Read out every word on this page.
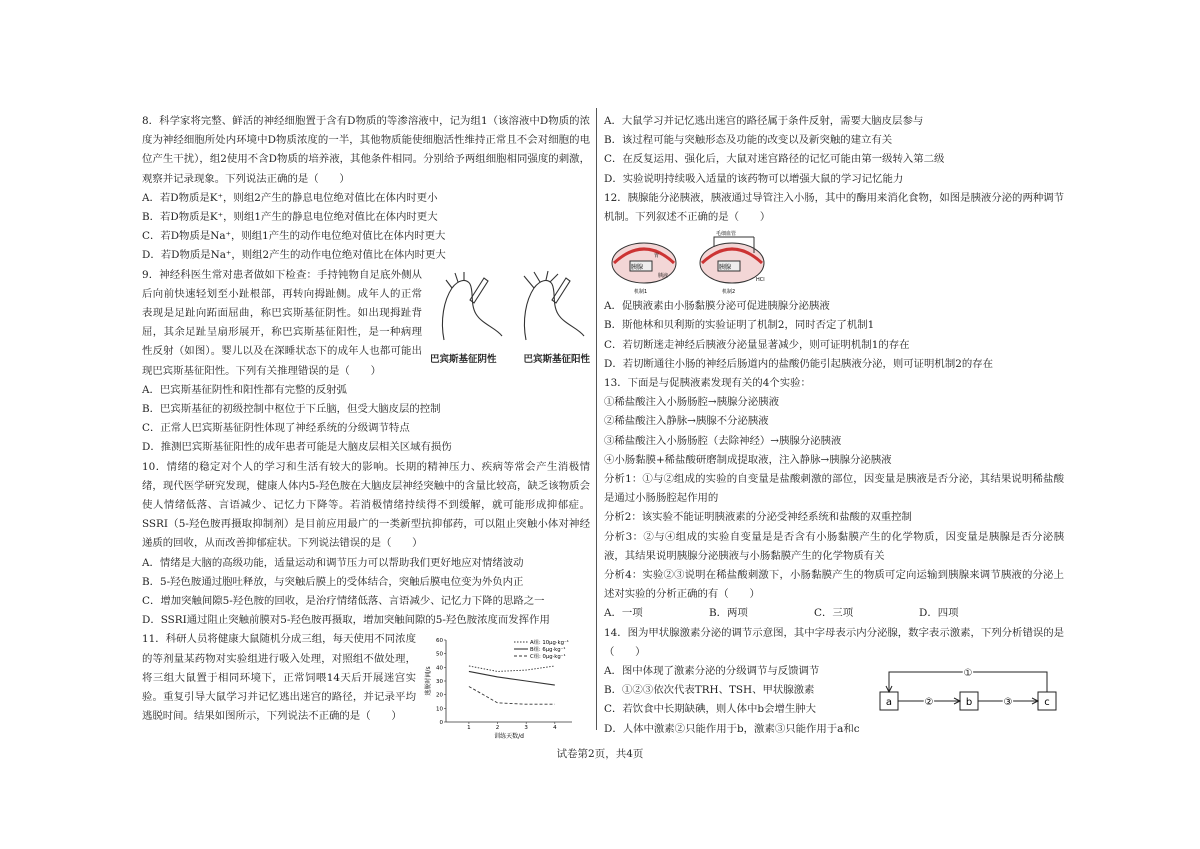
8．科学家将完整、鲜活的神经细胞置于含有D物质的等渗溶液中，记为组1（该溶液中D物质的浓度为神经细胞所处内环境中D物质浓度的一半，其他物质能使细胞活性维持正常且不会对细胞的电位产生干扰），组2使用不含D物质的培养液，其他条件相同。分别给予两组细胞相同强度的刺激，观察并记录现象。下列说法正确的是（　　）

A．若D物质是K⁺，则组2产生的静息电位绝对值比在体内时更小

B．若D物质是K⁺，则组1产生的静息电位绝对值比在体内时更大

C．若D物质是Na⁺，则组1产生的动作电位绝对值比在体内时更大

D．若D物质是Na⁺，则组2产生的动作电位绝对值比在体内时更大

巴宾斯基征阴性	巴宾斯基征阳性

9．神经科医生常对患者做如下检查：手持钝物自足底外侧从后向前快速轻划至小趾根部，再转向拇趾侧。成年人的正常表现是足趾向跖面屈曲，称巴宾斯基征阴性。如出现拇趾背屈，其余足趾呈扇形展开，称巴宾斯基征阳性，是一种病理性反射（如图）。婴儿以及在深睡状态下的成年人也都可能出现巴宾斯基征阳性。下列有关推理错误的是（　　）

A．巴宾斯基征阴性和阳性都有完整的反射弧

B．巴宾斯基征的初级控制中枢位于下丘脑，但受大脑皮层的控制

C．正常人巴宾斯基征阴性体现了神经系统的分级调节特点

D．推测巴宾斯基征阳性的成年患者可能是大脑皮层相关区域有损伤

10．情绪的稳定对个人的学习和生活有较大的影响。长期的精神压力、疾病等常会产生消极情绪，现代医学研究发现，健康人体内5-羟色胺在大脑皮层神经突触中的含量比较高，缺乏该物质会使人情绪低落、言语减少、记忆力下降等。若消极情绪持续得不到缓解，就可能形成抑郁症。SSRI（5-羟色胺再摄取抑制剂）是目前应用最广的一类新型抗抑郁药，可以阻止突触小体对神经递质的回收，从而改善抑郁症状。下列说法错误的是（　　）

A．情绪是大脑的高级功能，适量运动和调节压力可以帮助我们更好地应对情绪波动

B．5-羟色胺通过胞吐释放，与突触后膜上的受体结合，突触后膜电位变为外负内正

C．增加突触间隙5-羟色胺的回收，是治疗情绪低落、言语减少、记忆力下降的思路之一

D．SSRI通过阻止突触前膜对5-羟色胺再摄取，增加突触间隙的5-羟色胺浓度而发挥作用

0
10
20
30
40
50
60
1	2	3	4
训练天数/d
逃脱时间/s
A组: 10μg·kg⁻¹
B组: 6μg·kg⁻¹
C组: 0μg·kg⁻¹

11．科研人员将健康大鼠随机分成三组，每天使用不同浓度的等剂量某药物对实验组进行吸入处理，对照组不做处理，将三组大鼠置于相同环境下，正常饲喂14天后开展迷宫实验。重复引导大鼠学习并记忆逃出迷宫的路径，并记录平均逃脱时间。结果如图所示，下列说法不正确的是（　　）

A．大鼠学习并记忆逃出迷宫的路径属于条件反射，需要大脑皮层参与

B．该过程可能与突触形态及功能的改变以及新突触的建立有关

C．在反复运用、强化后，大鼠对迷宫路径的记忆可能由第一级转入第二级

D．实验说明持续吸入适量的该药物可以增强大鼠的学习记忆能力

12．胰腺能分泌胰液，胰液通过导管注入小肠，其中的酶用来消化食物，如图是胰液分泌的两种调节机制。下列叙述不正确的是（　　）

胰腺	胰腺
胃
胰液
HCl
毛细血管
机制1	机制2

A．促胰液素由小肠黏膜分泌可促进胰腺分泌胰液

B．斯他林和贝利斯的实验证明了机制2，同时否定了机制1

C．若切断迷走神经后胰液分泌量显著减少，则可证明机制1的存在

D．若切断通往小肠的神经后肠道内的盐酸仍能引起胰液分泌，则可证明机制2的存在

13．下面是与促胰液素发现有关的4个实验：

①稀盐酸注入小肠肠腔→胰腺分泌胰液

②稀盐酸注入静脉→胰腺不分泌胰液

③稀盐酸注入小肠肠腔（去除神经）→胰腺分泌胰液

④小肠黏膜+稀盐酸研磨制成提取液，注入静脉→胰腺分泌胰液

分析1：①与②组成的实验的自变量是盐酸刺激的部位，因变量是胰液是否分泌，其结果说明稀盐酸是通过小肠肠腔起作用的

分析2：该实验不能证明胰液素的分泌受神经系统和盐酸的双重控制

分析3：②与④组成的实验自变量是是否含有小肠黏膜产生的化学物质，因变量是胰腺是否分泌胰液，其结果说明胰腺分泌胰液与小肠黏膜产生的化学物质有关

分析4：实验②③说明在稀盐酸刺激下，小肠黏膜产生的物质可定向运输到胰腺来调节胰液的分泌上述对实验的分析正确的有（　　）

A．一项	B．两项	C．三项	D．四项

14．图为甲状腺激素分泌的调节示意图，其中字母表示内分泌腺，数字表示激素，下列分析错误的是（　　）

a	b	c
①
②	③

A．图中体现了激素分泌的分级调节与反馈调节

B．①②③依次代表TRH、TSH、甲状腺激素

C．若饮食中长期缺碘，则人体中b会增生肿大

D．人体中激素②只能作用于b，激素③只能作用于a和c

试卷第2页，共4页
